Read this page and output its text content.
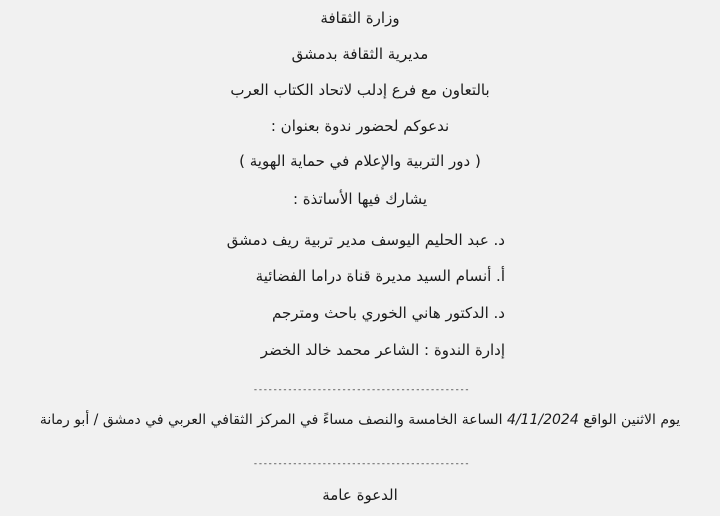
وزارة الثقافة
مديرية الثقافة بدمشق
بالتعاون مع فرع إدلب لاتحاد الكتاب العرب
ندعوكم لحضور ندوة بعنوان :
( دور التربية والإعلام في حماية الهوية )
يشارك فيها الأساتذة :
د. عبد الحليم اليوسف مدير تربية ريف دمشق
أ. أنسام السيد مديرة قناة دراما الفضائية
د. الدكتور هاني الخوري باحث ومترجم
إدارة الندوة : الشاعر محمد خالد الخضر
--------------------------------------------
يوم الاثنين الواقع 4/11/2024 الساعة الخامسة والنصف مساءً في المركز الثقافي العربي في دمشق / أبو رمانة
--------------------------------------------
الدعوة عامة
